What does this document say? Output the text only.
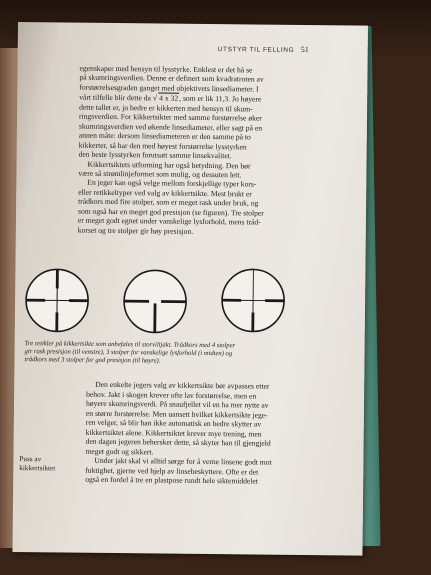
UTSTYR TIL FELLING 51

egenskaper med hensyn til lysstyrke. Enklest er det hå se
på skumringsverdien. Denne er definert som kvadratroten av
forstørrelsesgraden ganget med objektivets linsediameter. I
vårt tilfelle blir dette da √ 4 x 32, som er lik 11,3. Jo høyere
dette tallet er, jo bedre er kikkerten med hensyn til skum-
ringsverdien. For kikkertsikter med samme forstørrelse øker
skumringsverdien ved økende linsediameter, eller sagt på en
annen måte: dersom linsediameteren er den samme på to
kikkerter, så har den med høyest forstørrelse lysstyrken
den beste lysstyrken forutsatt samme linsekvalitet.

Kikkertsiktets utforming har også betydning. Den bør
være så strømlinjeformet som mulig, og dessuten lett.

En jeger kan også velge mellom forskjellige typer kors-
eller retikkeltyper ved valg av kikkertsikte. Mest brukt er
trådkors med fire stolper, som er meget rask under bruk, og
som også har en meget god presisjon (se figuren). Tre stolper
er meget godt egnet under vanskelige lysforhold, mens tråd-
korset og tre stolper gir høy presisjon.

Tre retikler på kikkertsikte som anbefales til storviltjakt. Trådkors med 4 stolper
gir rask presisjon (til venstre), 3 stolper for vanskelige lysforhold (i midten) og
trådkors med 3 stolper for god presisjon (til høyre).
Den enkelte jegers valg av kikkertsikte bør avpasses etter
behov. Jakt i skogen krever ofte lav forstørrelse, men en
høyere skumringsverdi. På snaufjellet vil en ha mer nytte av
en større forstørrelse. Men uansett hvilket kikkertsikte jege-
ren velger, så blir han ikke automatisk en bedre skytter av
kikkertsiktet alene. Kikkertsiktet krever mye trening, men
den dagen jegeren behersker dette, så skyter han til gjengjeld
meget godt og sikkert.
Puss av
kikkertsiktet
Under jakt skal vi alltid sørge for å verne linsene godt mot
fuktighet, gjerne ved hjelp av linsebeskyttere. Ofte er det
også en fordel å tre en plastpose rundt hele siktemiddelet
